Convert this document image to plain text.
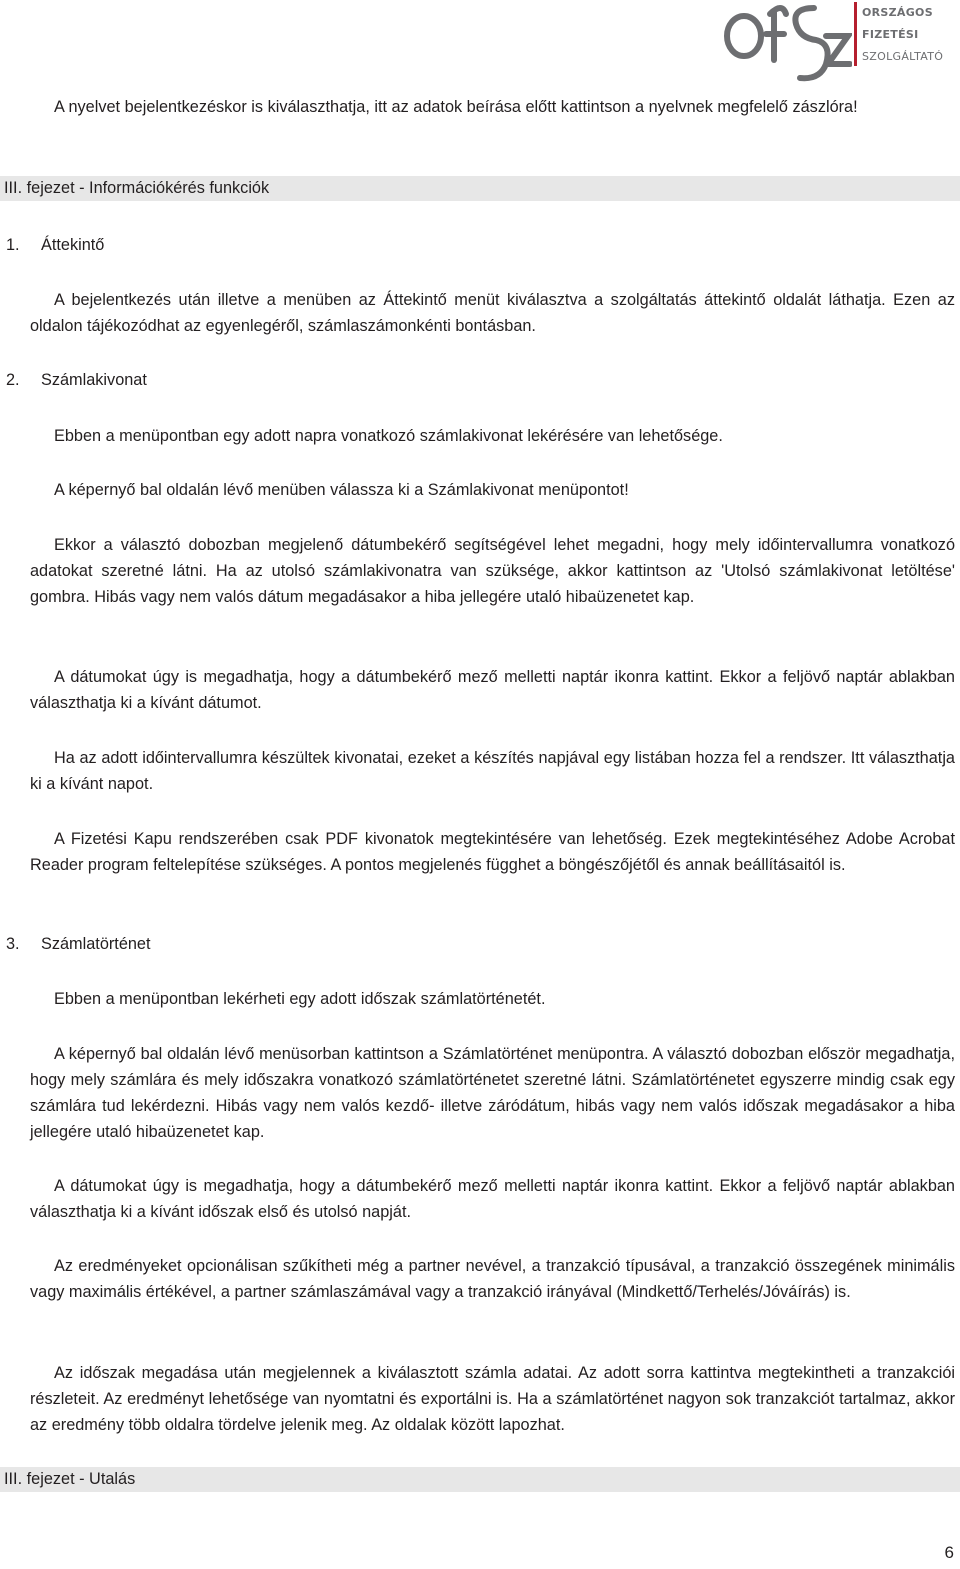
ORSZÁGOS
FIZETÉSI
SZOLGÁLTATÓ

A nyelvet bejelentkezéskor is kiválaszthatja, itt az adatok beírása előtt kattintson a nyelvnek megfelelő zászlóra!

III. fejezet - Információkérés funkciók
1. Áttekintő

A bejelentkezés után illetve a menüben az Áttekintő menüt kiválasztva a szolgáltatás áttekintő oldalát láthatja. Ezen az oldalon tájékozódhat az egyenlegéről, számlaszámonkénti bontásban.

2. Számlakivonat

Ebben a menüpontban egy adott napra vonatkozó számlakivonat lekérésére van lehetősége.

A képernyő bal oldalán lévő menüben válassza ki a Számlakivonat menüpontot!

Ekkor a választó dobozban megjelenő dátumbekérő segítségével lehet megadni, hogy mely időintervallumra vonatkozó adatokat szeretné látni. Ha az utolsó számlakivonatra van szüksége, akkor kattintson az 'Utolsó számlakivonat letöltése' gombra. Hibás vagy nem valós dátum megadásakor a hiba jellegére utaló hibaüzenetet kap.

A dátumokat úgy is megadhatja, hogy a dátumbekérő mező melletti naptár ikonra kattint. Ekkor a feljövő naptár ablakban választhatja ki a kívánt dátumot.

Ha az adott időintervallumra készültek kivonatai, ezeket a készítés napjával egy listában hozza fel a rendszer. Itt választhatja ki a kívánt napot.

A Fizetési Kapu rendszerében csak PDF kivonatok megtekintésére van lehetőség. Ezek megtekintéséhez Adobe Acrobat Reader program feltelepítése szükséges. A pontos megjelenés függhet a böngészőjétől és annak beállításaitól is.

3. Számlatörténet

Ebben a menüpontban lekérheti egy adott időszak számlatörténetét.

A képernyő bal oldalán lévő menüsorban kattintson a Számlatörténet menüpontra. A választó dobozban először megadhatja, hogy mely számlára és mely időszakra vonatkozó számlatörténetet szeretné látni. Számlatörténetet egyszerre mindig csak egy számlára tud lekérdezni. Hibás vagy nem valós kezdő- illetve záródátum, hibás vagy nem valós időszak megadásakor a hiba jellegére utaló hibaüzenetet kap.

A dátumokat úgy is megadhatja, hogy a dátumbekérő mező melletti naptár ikonra kattint. Ekkor a feljövő naptár ablakban választhatja ki a kívánt időszak első és utolsó napját.

Az eredményeket opcionálisan szűkítheti még a partner nevével, a tranzakció típusával, a tranzakció összegének minimális vagy maximális értékével, a partner számlaszámával vagy a tranzakció irányával (Mindkettő/Terhelés/Jóváírás) is.

Az időszak megadása után megjelennek a kiválasztott számla adatai. Az adott sorra kattintva megtekintheti a tranzakciói részleteit. Az eredményt lehetősége van nyomtatni és exportálni is. Ha a számlatörténet nagyon sok tranzakciót tartalmaz, akkor az eredmény több oldalra tördelve jelenik meg. Az oldalak között lapozhat.

III. fejezet - Utalás
6
